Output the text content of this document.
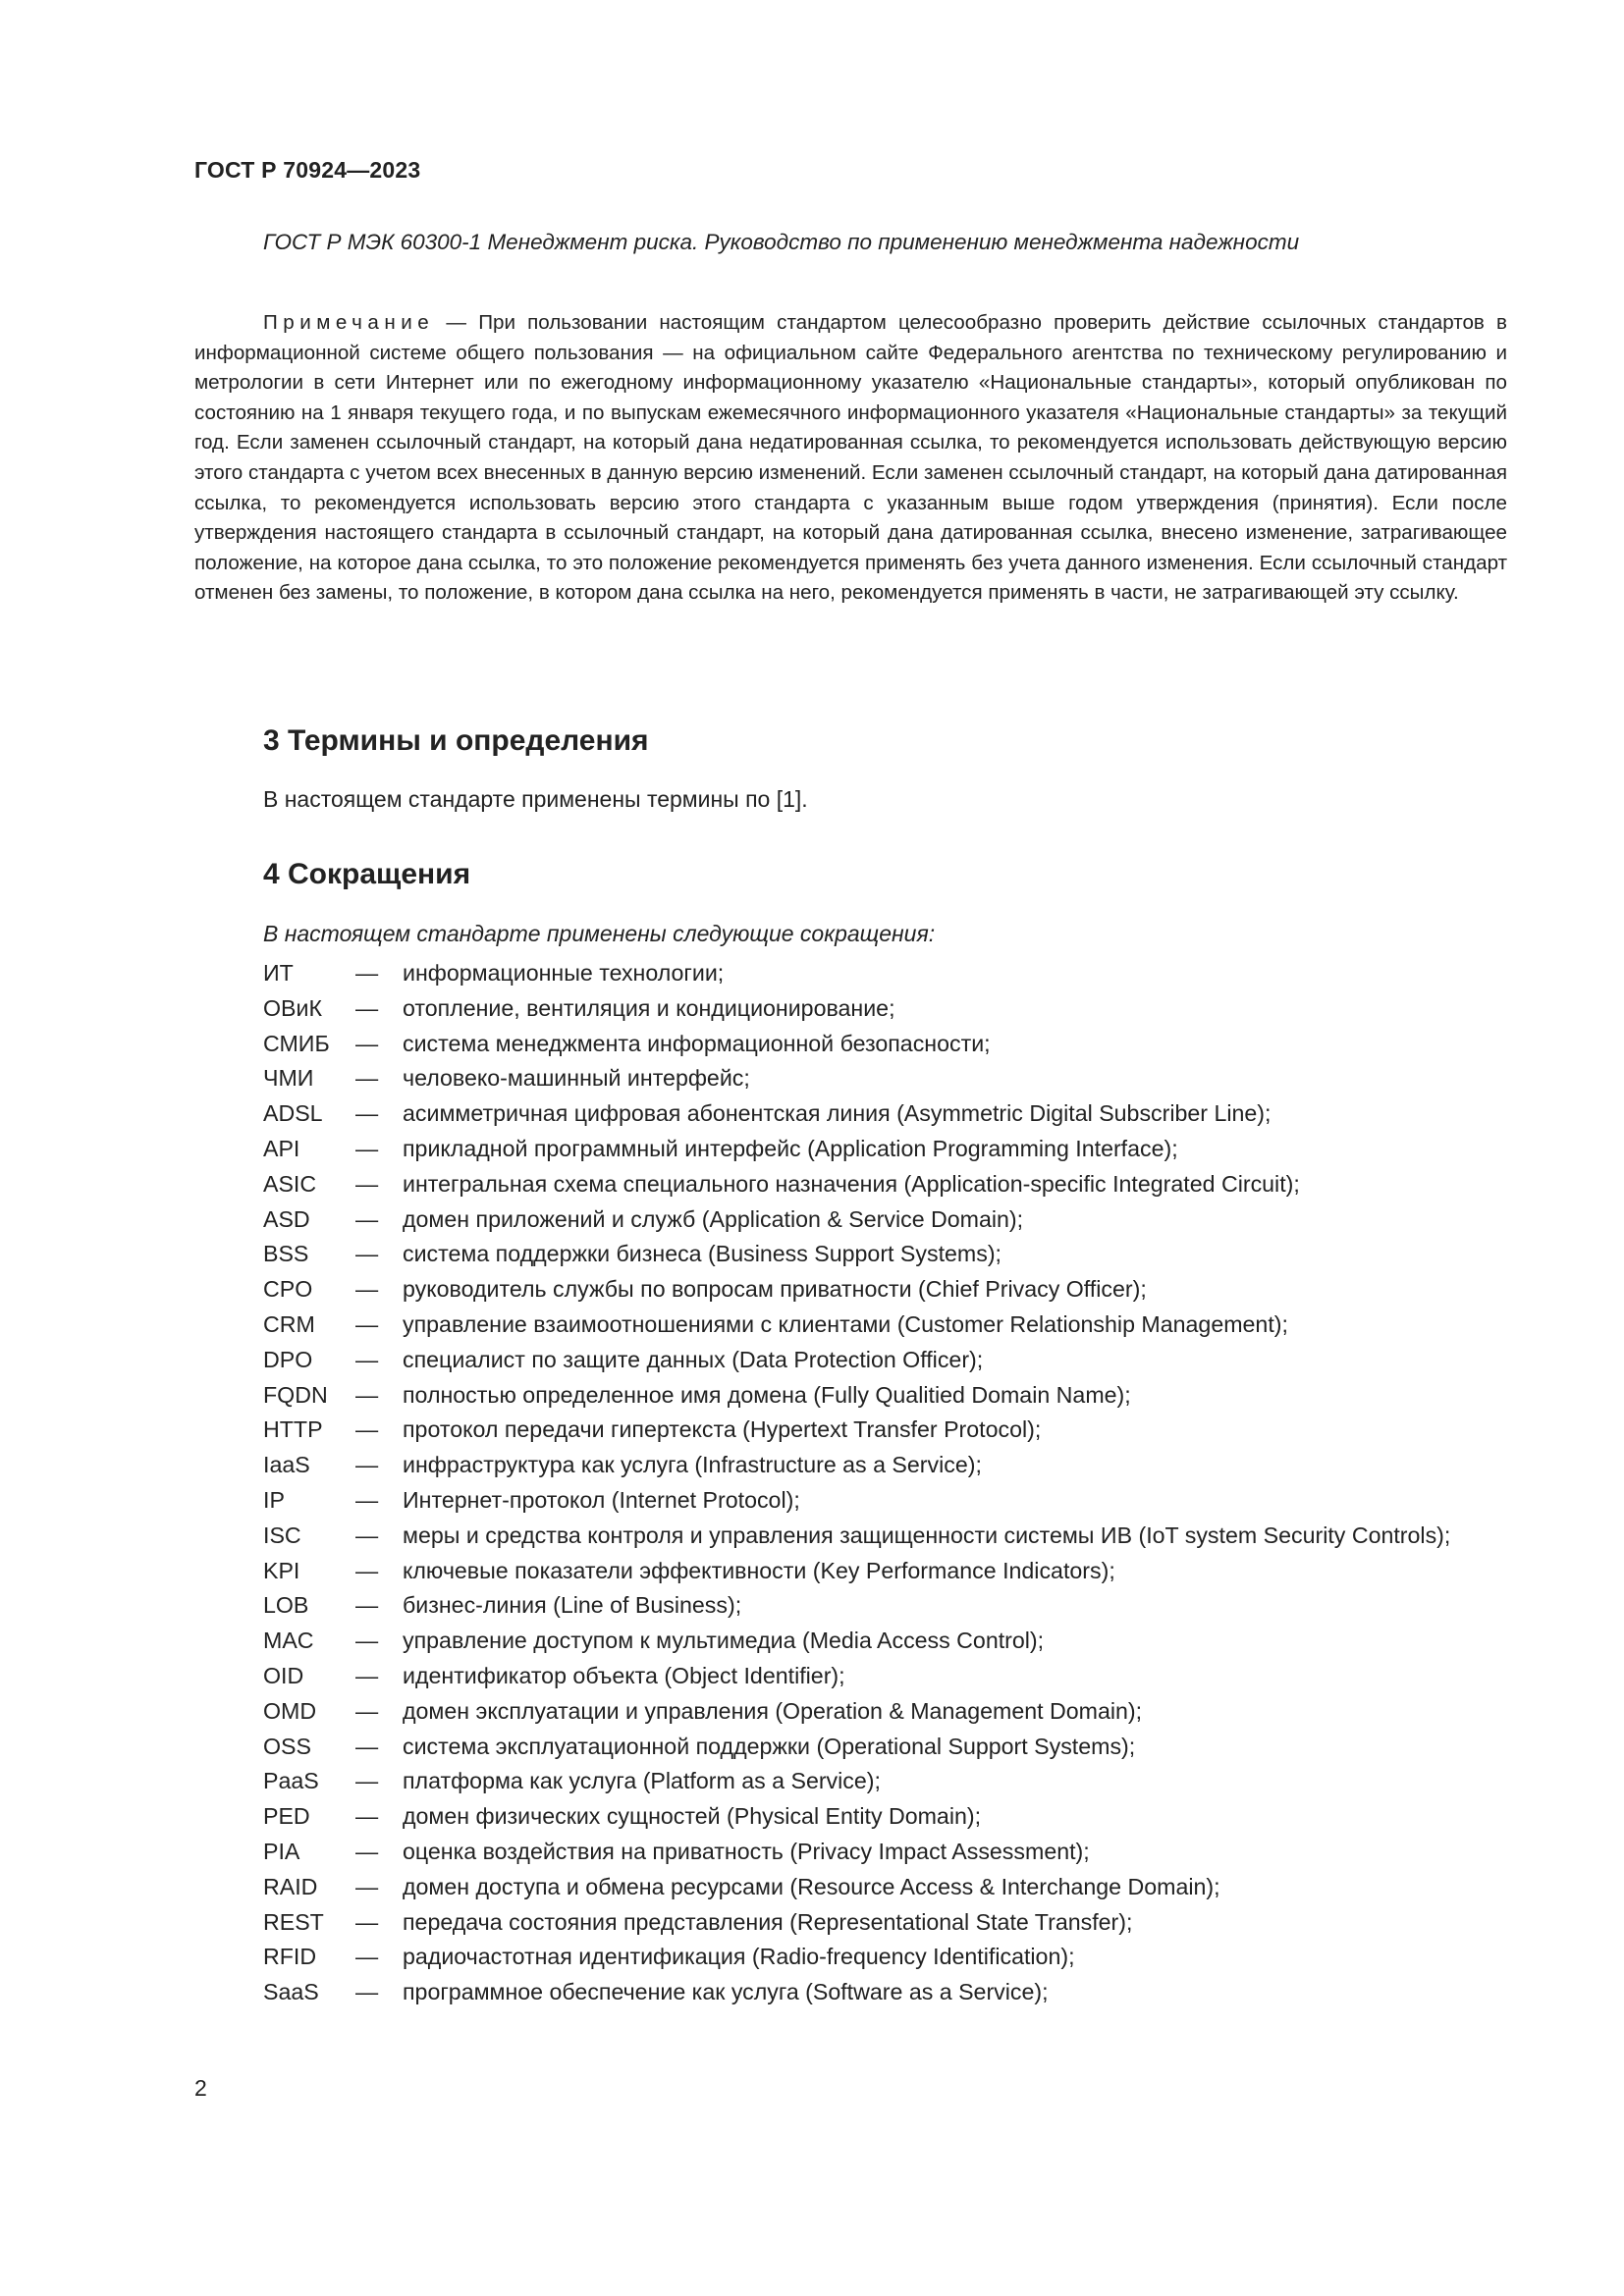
ГОСТ Р 70924—2023
ГОСТ Р МЭК 60300-1 Менеджмент риска. Руководство по применению менеджмента надежности
Примечание — При пользовании настоящим стандартом целесообразно проверить действие ссылочных стандартов в информационной системе общего пользования — на официальном сайте Федерального агентства по техническому регулированию и метрологии в сети Интернет или по ежегодному информационному указателю «Национальные стандарты», который опубликован по состоянию на 1 января текущего года, и по выпускам ежемесячного информационного указателя «Национальные стандарты» за текущий год. Если заменен ссылочный стандарт, на который дана недатированная ссылка, то рекомендуется использовать действующую версию этого стандарта с учетом всех внесенных в данную версию изменений. Если заменен ссылочный стандарт, на который дана датированная ссылка, то рекомендуется использовать версию этого стандарта с указанным выше годом утверждения (принятия). Если после утверждения настоящего стандарта в ссылочный стандарт, на который дана датированная ссылка, внесено изменение, затрагивающее положение, на которое дана ссылка, то это положение рекомендуется применять без учета данного изменения. Если ссылочный стандарт отменен без замены, то положение, в котором дана ссылка на него, рекомендуется применять в части, не затрагивающей эту ссылку.
3 Термины и определения
В настоящем стандарте применены термины по [1].
4 Сокращения
В настоящем стандарте применены следующие сокращения:
ИТ	—	информационные технологии;
ОВиК	—	отопление, вентиляция и кондиционирование;
СМИБ	—	система менеджмента информационной безопасности;
ЧМИ	—	человеко-машинный интерфейс;
ADSL	—	асимметричная цифровая абонентская линия (Asymmetric Digital Subscriber Line);
API	—	прикладной программный интерфейс (Application Programming Interface);
ASIC	—	интегральная схема специального назначения (Application-specific Integrated Circuit);
ASD	—	домен приложений и служб (Application & Service Domain);
BSS	—	система поддержки бизнеса (Business Support Systems);
CPO	—	руководитель службы по вопросам приватности (Chief Privacy Officer);
CRM	—	управление взаимоотношениями с клиентами (Customer Relationship Management);
DPO	—	специалист по защите данных (Data Protection Officer);
FQDN	—	полностью определенное имя домена (Fully Qualitied Domain Name);
HTTP	—	протокол передачи гипертекста (Hypertext Transfer Protocol);
IaaS	—	инфраструктура как услуга (Infrastructure as a Service);
IP	—	Интернет-протокол (Internet Protocol);
ISC	—	меры и средства контроля и управления защищенности системы ИВ (IoT system Security Controls);
KPI	—	ключевые показатели эффективности (Key Performance Indicators);
LOB	—	бизнес-линия (Line of Business);
MAC	—	управление доступом к мультимедиа (Media Access Control);
OID	—	идентификатор объекта (Object Identifier);
OMD	—	домен эксплуатации и управления (Operation & Management Domain);
OSS	—	система эксплуатационной поддержки (Operational Support Systems);
PaaS	—	платформа как услуга (Platform as a Service);
PED	—	домен физических сущностей (Physical Entity Domain);
PIA	—	оценка воздействия на приватность (Privacy Impact Assessment);
RAID	—	домен доступа и обмена ресурсами (Resource Access & Interchange Domain);
REST	—	передача состояния представления (Representational State Transfer);
RFID	—	радиочастотная идентификация (Radio-frequency Identification);
SaaS	—	программное обеспечение как услуга (Software as a Service);
2
